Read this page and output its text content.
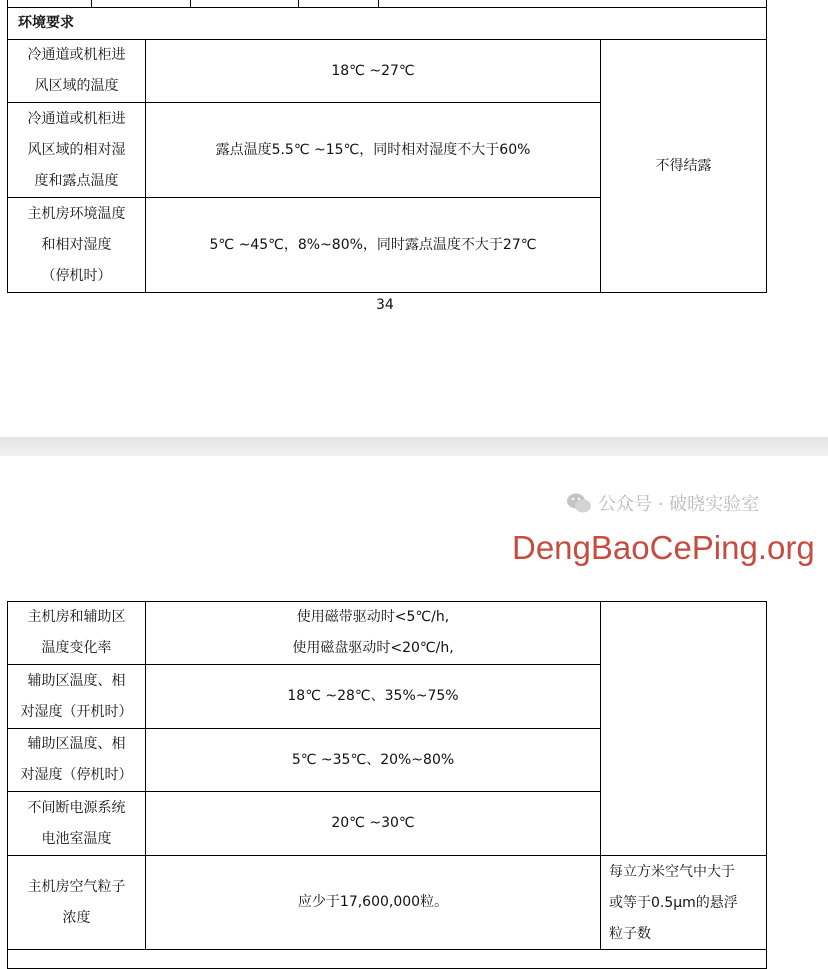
环境要求
冷通道或机柜进
风区域的温度
18℃ ~27℃
冷通道或机柜进
风区域的相对湿
度和露点温度
露点温度5.5℃ ~15℃，同时相对湿度不大于60%
主机房环境温度
和相对湿度
（停机时）
5℃ ~45℃，8%~80%，同时露点温度不大于27℃
不得结露
34
公众号 · 破晓实验室
DengBaoCePing.org
主机房和辅助区
温度变化率
使用磁带驱动时<5℃/h,
使用磁盘驱动时<20℃/h,
辅助区温度、相
对湿度（开机时）
18℃ ~28℃、35%~75%
辅助区温度、相
对湿度（停机时）
5℃ ~35℃、20%~80%
不间断电源系统
电池室温度
20℃ ~30℃
主机房空气粒子
浓度
应少于17,600,000粒。
每立方米空气中大于
或等于0.5μm的悬浮
粒子数
